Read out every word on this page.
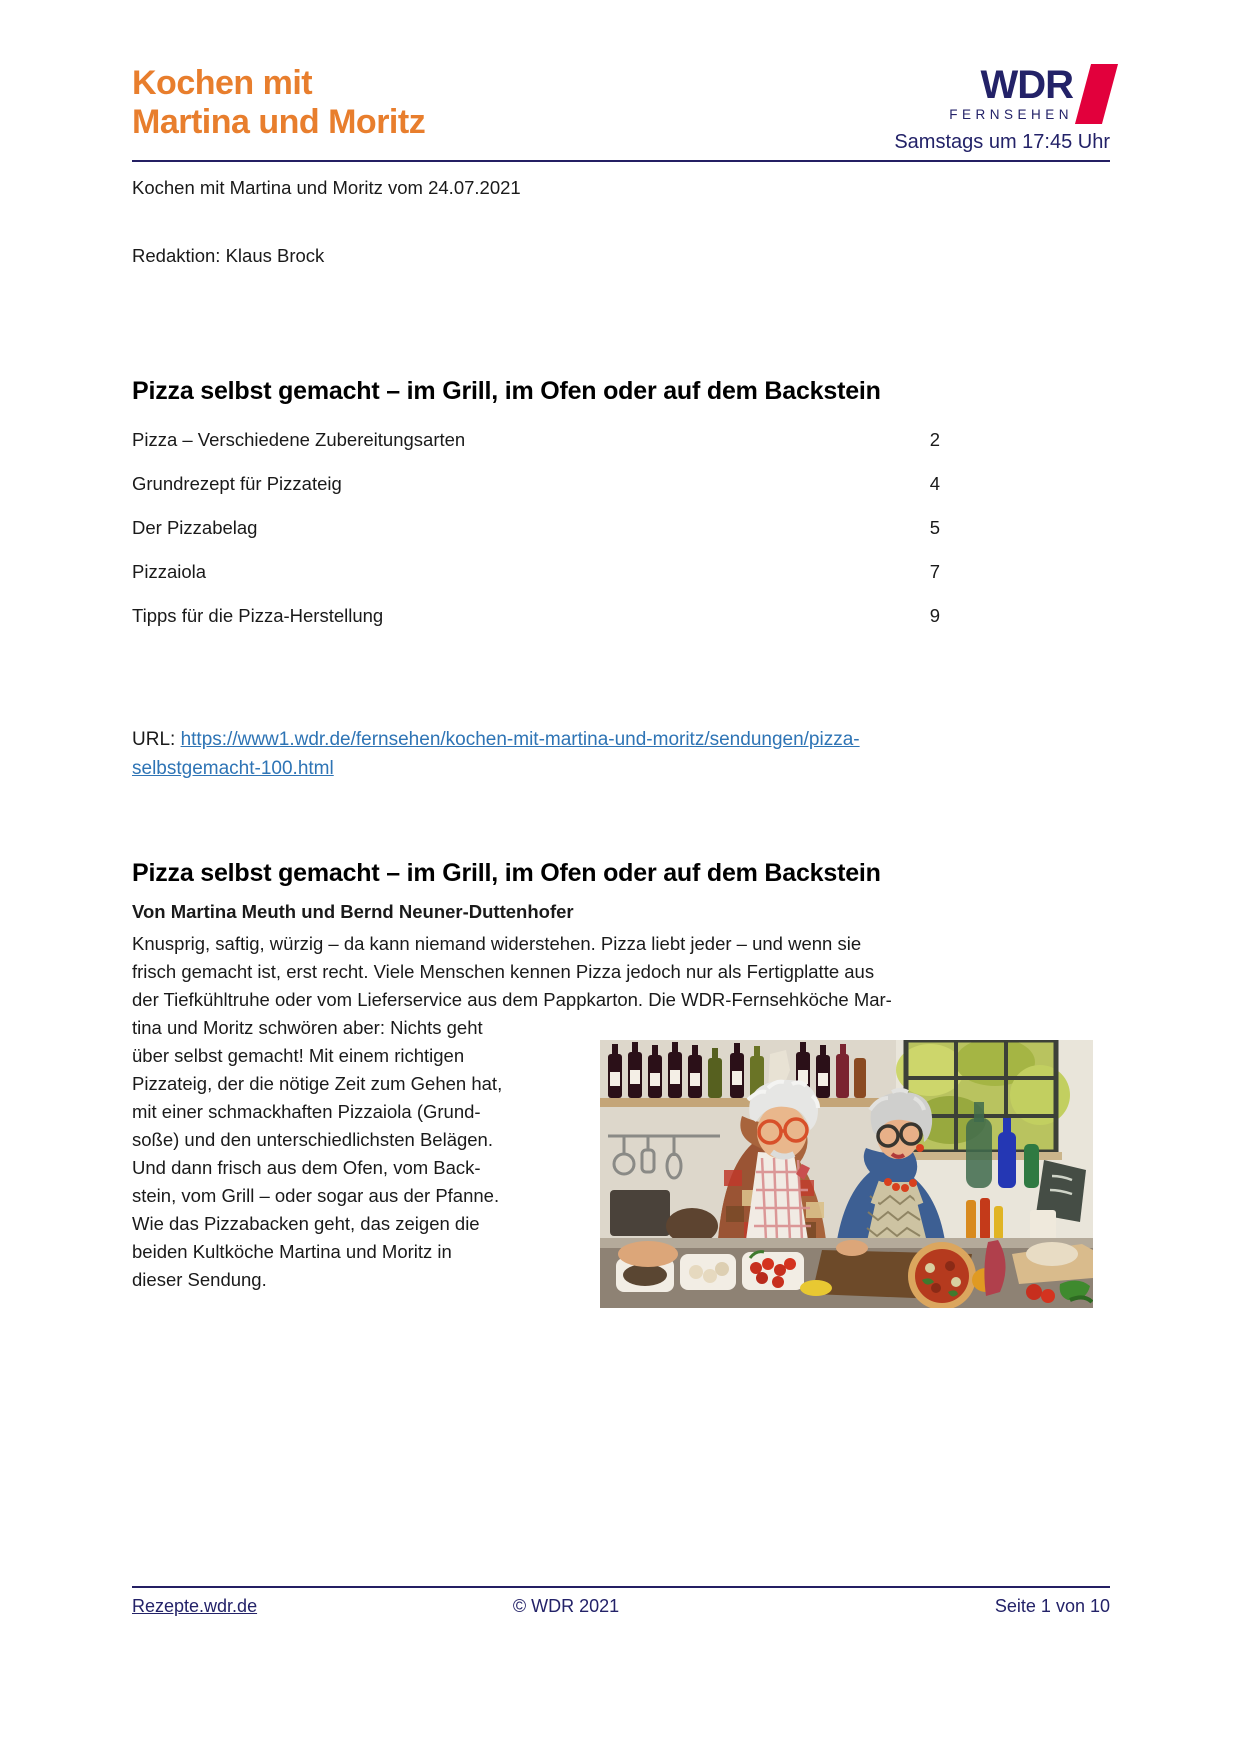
Kochen mit
Martina und Moritz
WDR
FERNSEHEN
Samstags um 17:45 Uhr
Kochen mit Martina und Moritz vom 24.07.2021
Redaktion: Klaus Brock
Pizza selbst gemacht – im Grill, im Ofen oder auf dem Backstein
Pizza – Verschiedene Zubereitungsarten	2
Grundrezept für Pizzateig	4
Der Pizzabelag	5
Pizzaiola	7
Tipps für die Pizza-Herstellung	9
URL: https://www1.wdr.de/fernsehen/kochen-mit-martina-und-moritz/sendungen/pizza-
selbstgemacht-100.html
Pizza selbst gemacht – im Grill, im Ofen oder auf dem Backstein
Von Martina Meuth und Bernd Neuner-Duttenhofer
Knusprig, saftig, würzig – da kann niemand widerstehen. Pizza liebt jeder – und wenn sie
frisch gemacht ist, erst recht. Viele Menschen kennen Pizza jedoch nur als Fertigplatte aus
der Tiefkühltruhe oder vom Lieferservice aus dem Pappkarton. Die WDR-Fernsehköche Mar-
tina und Moritz schwören aber: Nichts geht
über selbst gemacht! Mit einem richtigen
Pizzateig, der die nötige Zeit zum Gehen hat,
mit einer schmackhaften Pizzaiola (Grund-
soße) und den unterschiedlichsten Belägen.
Und dann frisch aus dem Ofen, vom Back-
stein, vom Grill – oder sogar aus der Pfanne.
Wie das Pizzabacken geht, das zeigen die
beiden Kultköche Martina und Moritz in
dieser Sendung.
Rezepte.wdr.de	© WDR 2021	Seite 1 von 10
